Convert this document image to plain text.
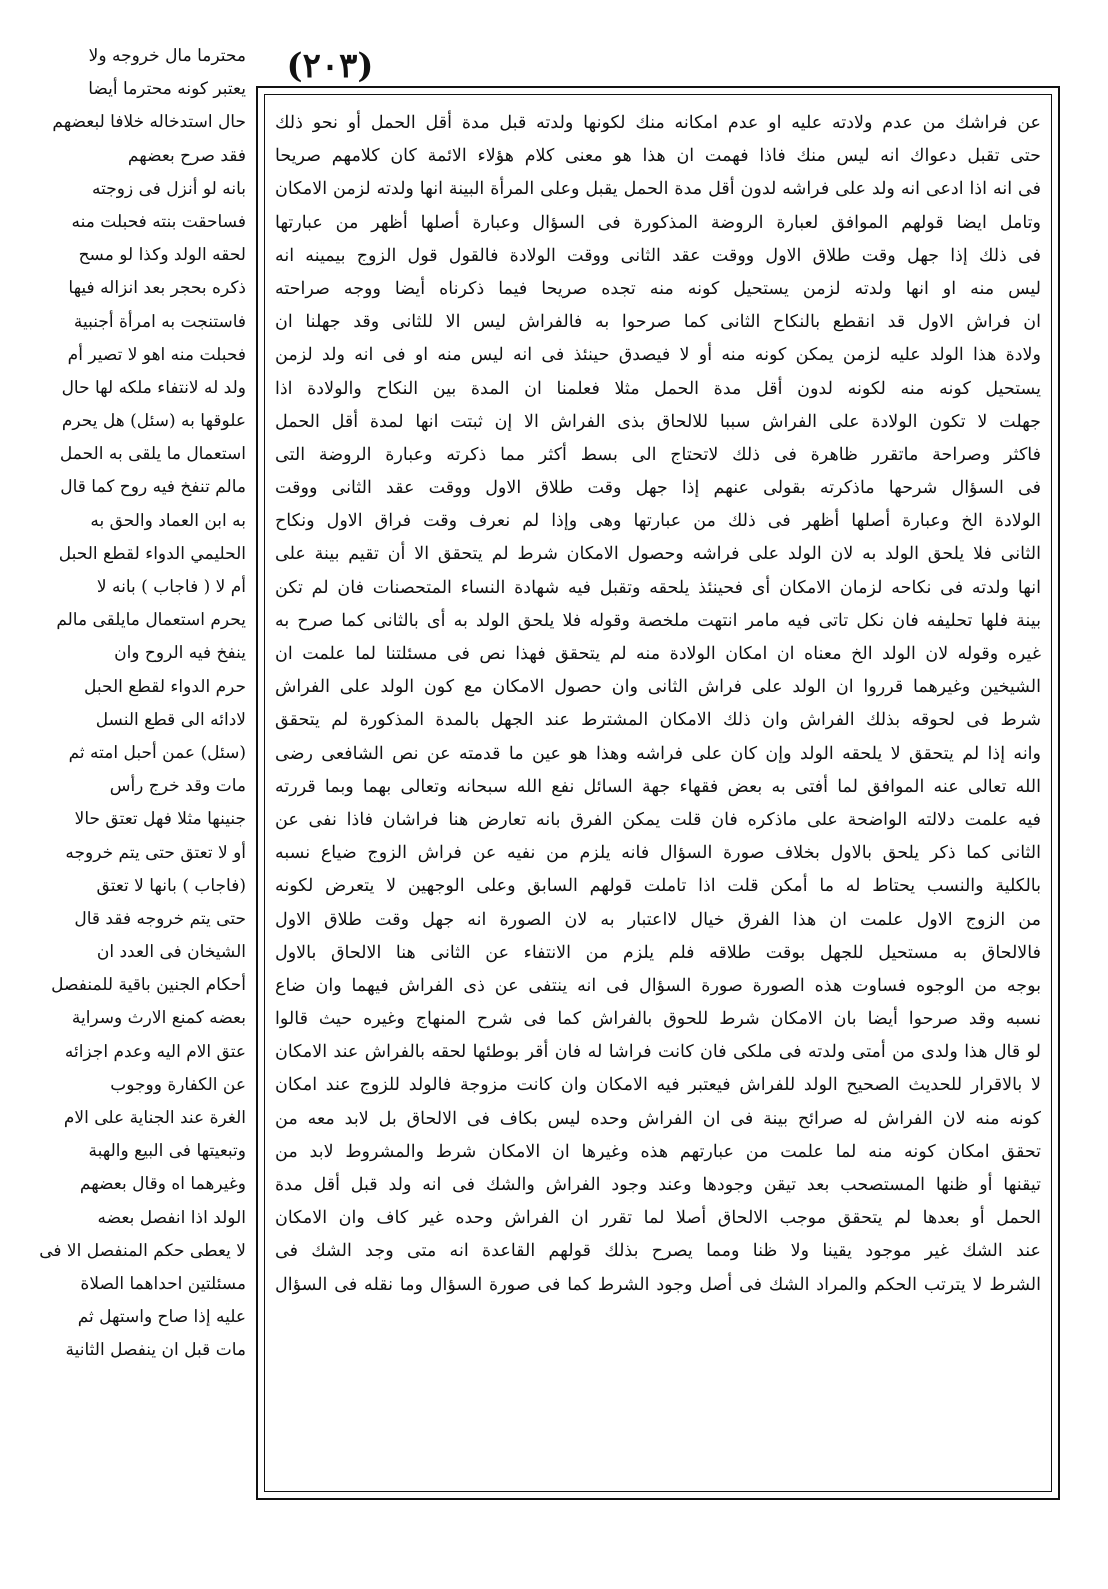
(٢٠٣)
محترما مال خروجه ولا
يعتبر كونه محترما أيضا
حال استدخاله خلافا لبعضهم
فقد صرح بعضهم
بانه لو أنزل فى زوجته
فساحقت بنته فحبلت منه
لحقه الولد وكذا لو مسح
ذكره بحجر بعد انزاله فيها
فاستنجت به امرأة أجنبية
فحبلت منه اهو لا تصير أم
ولد له لانتفاء ملكه لها حال
علوقها به (سئل) هل يحرم
استعمال ما يلقى به الحمل
مالم تنفخ فيه روح كما قال
به ابن العماد والحق به
الحليمي الدواء لقطع الحبل
أم لا ( فاجاب ) بانه لا
يحرم استعمال مايلقى مالم
ينفخ فيه الروح وان
حرم الدواء لقطع الحبل
لادائه الى قطع النسل
(سئل) عمن أحبل امته ثم
مات وقد خرج رأس
جنينها مثلا فهل تعتق حالا
أو لا تعتق حتى يتم خروجه
(فاجاب ) بانها لا تعتق
حتى يتم خروجه فقد قال
الشيخان فى العدد ان
أحكام الجنين باقية للمنفصل
بعضه كمنع الارث وسراية
عتق الام اليه وعدم اجزائه
عن الكفارة ووجوب
الغرة عند الجناية على الام
وتبعيتها فى البيع والهبة
وغيرهما اه وقال بعضهم
الولد اذا انفصل بعضه
لا يعطى حكم المنفصل الا فى
مسئلتين احداهما الصلاة
عليه إذا صاح واستهل ثم
مات قبل ان ينفصل الثانية
عن فراشك من عدم ولادته عليه او عدم امكانه منك لكونها ولدته قبل مدة أقل الحمل أو نحو ذلك
حتى تقبل دعواك انه ليس منك فاذا فهمت ان هذا هو معنى كلام هؤلاء الائمة كان كلامهم صريحا
فى انه اذا ادعى انه ولد على فراشه لدون أقل مدة الحمل يقبل وعلى المرأة البينة انها ولدته لزمن الامكان
وتامل ايضا قولهم الموافق لعبارة الروضة المذكورة فى السؤال وعبارة أصلها أظهر من عبارتها
فى ذلك إذا جهل وقت طلاق الاول ووقت عقد الثانى ووقت الولادة فالقول قول الزوج بيمينه انه
ليس منه او انها ولدته لزمن يستحيل كونه منه تجده صريحا فيما ذكرناه أيضا ووجه صراحته
ان فراش الاول قد انقطع بالنكاح الثانى كما صرحوا به فالفراش ليس الا للثانى وقد جهلنا ان
ولادة هذا الولد عليه لزمن يمكن كونه منه أو لا فيصدق حينئذ فى انه ليس منه او فى انه ولد لزمن
يستحيل كونه منه لكونه لدون أقل مدة الحمل مثلا فعلمنا ان المدة بين النكاح والولادة اذا
جهلت لا تكون الولادة على الفراش سببا للالحاق بذى الفراش الا إن ثبتت انها لمدة أقل الحمل
فاكثر وصراحة ماتقرر ظاهرة فى ذلك لاتحتاج الى بسط أكثر مما ذكرته وعبارة الروضة التى
فى السؤال شرحها ماذكرته بقولى عنهم إذا جهل وقت طلاق الاول ووقت عقد الثانى ووقت
الولادة الخ وعبارة أصلها أظهر فى ذلك من عبارتها وهى وإذا لم نعرف وقت فراق الاول ونكاح
الثانى فلا يلحق الولد به لان الولد على فراشه وحصول الامكان شرط لم يتحقق الا أن تقيم بينة على
انها ولدته فى نكاحه لزمان الامكان أى فحينئذ يلحقه وتقبل فيه شهادة النساء المتحصنات فان لم تكن
بينة فلها تحليفه فان نكل تاتى فيه مامر انتهت ملخصة وقوله فلا يلحق الولد به أى بالثانى كما صرح به
غيره وقوله لان الولد الخ معناه ان امكان الولادة منه لم يتحقق فهذا نص فى مسئلتنا لما علمت ان
الشيخين وغيرهما قرروا ان الولد على فراش الثانى وان حصول الامكان مع كون الولد على الفراش
شرط فى لحوقه بذلك الفراش وان ذلك الامكان المشترط عند الجهل بالمدة المذكورة لم يتحقق
وانه إذا لم يتحقق لا يلحقه الولد وإن كان على فراشه وهذا هو عين ما قدمته عن نص الشافعى رضى
الله تعالى عنه الموافق لما أفتى به بعض فقهاء جهة السائل نفع الله سبحانه وتعالى بهما وبما قررته
فيه علمت دلالته الواضحة على ماذكره فان قلت يمكن الفرق بانه تعارض هنا فراشان فاذا نفى عن
الثانى كما ذكر يلحق بالاول بخلاف صورة السؤال فانه يلزم من نفيه عن فراش الزوج ضياع نسبه
بالكلية والنسب يحتاط له ما أمكن قلت اذا تاملت قولهم السابق وعلى الوجهين لا يتعرض لكونه
من الزوج الاول علمت ان هذا الفرق خيال لااعتبار به لان الصورة انه جهل وقت طلاق الاول
فالالحاق به مستحيل للجهل بوقت طلاقه فلم يلزم من الانتفاء عن الثانى هنا الالحاق بالاول
بوجه من الوجوه فساوت هذه الصورة صورة السؤال فى انه ينتفى عن ذى الفراش فيهما وان ضاع
نسبه وقد صرحوا أيضا بان الامكان شرط للحوق بالفراش كما فى شرح المنهاج وغيره حيث قالوا
لو قال هذا ولدى من أمتى ولدته فى ملكى فان كانت فراشا له فان أقر بوطئها لحقه بالفراش عند الامكان
لا بالاقرار للحديث الصحيح الولد للفراش فيعتبر فيه الامكان وان كانت مزوجة فالولد للزوج عند امكان
كونه منه لان الفراش له صرائح بينة فى ان الفراش وحده ليس بكاف فى الالحاق بل لابد معه من
تحقق امكان كونه منه لما علمت من عبارتهم هذه وغيرها ان الامكان شرط والمشروط لابد من
تيقنها أو ظنها المستصحب بعد تيقن وجودها وعند وجود الفراش والشك فى انه ولد قبل أقل مدة
الحمل أو بعدها لم يتحقق موجب الالحاق أصلا لما تقرر ان الفراش وحده غير كاف وان الامكان
عند الشك غير موجود يقينا ولا ظنا ومما يصرح بذلك قولهم القاعدة انه متى وجد الشك فى
الشرط لا يترتب الحكم والمراد الشك فى أصل وجود الشرط كما فى صورة السؤال وما نقله فى السؤال
